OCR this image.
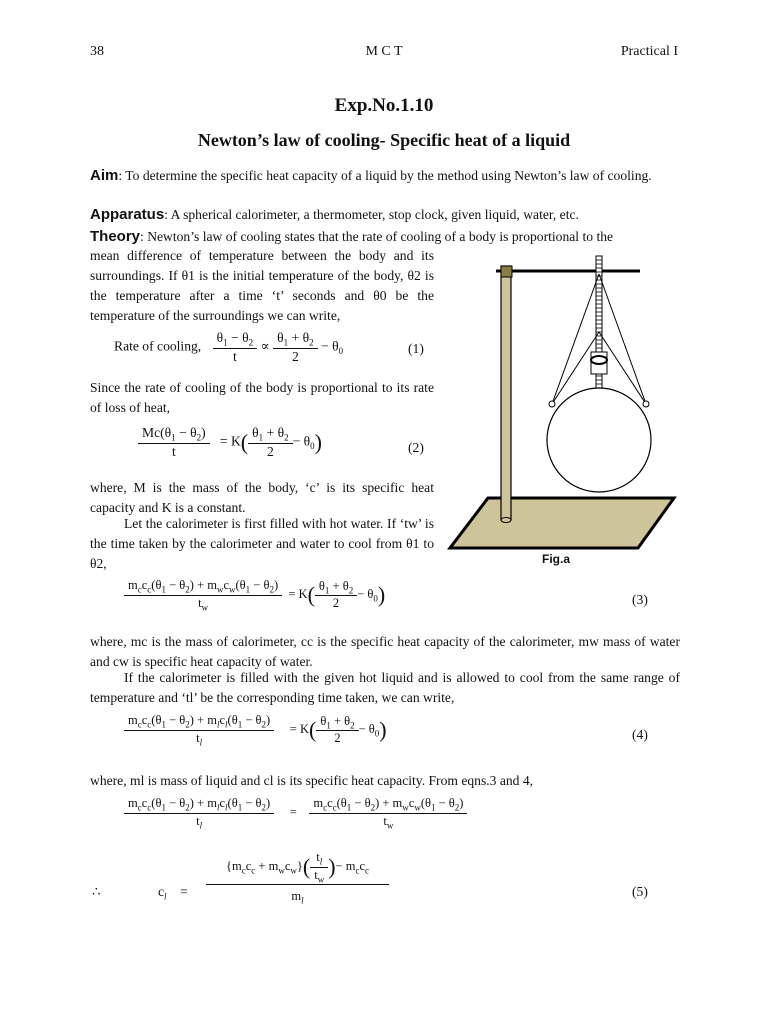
38	M C T	Practical I
Exp.No.1.10
Newton’s law of cooling- Specific heat of a liquid
Aim: To determine the specific heat capacity of a liquid by the method using Newton’s law of cooling.
Apparatus: A spherical calorimeter, a thermometer, stop clock, given liquid, water, etc.
Theory: Newton’s law of cooling states that the rate of cooling of a body is proportional to the
mean difference of temperature between the body and its surroundings. If θ1 is the initial temperature of the body, θ2 is the temperature after a time ‘t’ seconds and θ0 be the temperature of the surroundings we can write,
Rate of cooling, $\frac{\theta_1 - \theta_2}{t} \propto \frac{\theta_1 + \theta_2}{2} - \theta_0$	(1)
Since the rate of cooling of the body is proportional to its rate of loss of heat,
$\frac{Mc(\theta_1 - \theta_2)}{t} = K( \frac{\theta_1 + \theta_2}{2} - \theta_0)$	(2)
where, M is the mass of the body, ‘c’ is its specific heat capacity and K is a constant.
Let the calorimeter is first filled with hot water. If ‘tw’ is the time taken by the calorimeter and water to cool from θ1 to θ2,
$\frac{m_cc_c(\theta_1 - \theta_2) + m_wc_w(\theta_1 - \theta_2)}{t_w} = K( \frac{\theta_1 + \theta_2}{2} - \theta_0)$	(3)
where, mc is the mass of calorimeter, cc is the specific heat capacity of the calorimeter, mw mass of water and cw is specific heat capacity of water.
If the calorimeter is filled with the given hot liquid and is allowed to cool from the same range of temperature and ‘tl’ be the corresponding time taken, we can write,
$\frac{m_cc_c(\theta_1 - \theta_2) + m_lc_l(\theta_1 - \theta_2)}{t_l} = K( \frac{\theta_1 + \theta_2}{2} - \theta_0)$	(4)
where, ml is mass of liquid and cl is its specific heat capacity. From eqns.3 and 4,
$\frac{m_cc_c(\theta_1 - \theta_2) + m_lc_l(\theta_1 - \theta_2)}{t_l} = \frac{m_cc_c(\theta_1 - \theta_2) + m_wc_w(\theta_1 - \theta_2)}{t_w}$
∴	$c_l$    = $\frac{\{m_cc_c + m_wc_w\}( \frac{t_l}{t_w} )- m_cc_c}{m_l}$	(5)
Fig.a
